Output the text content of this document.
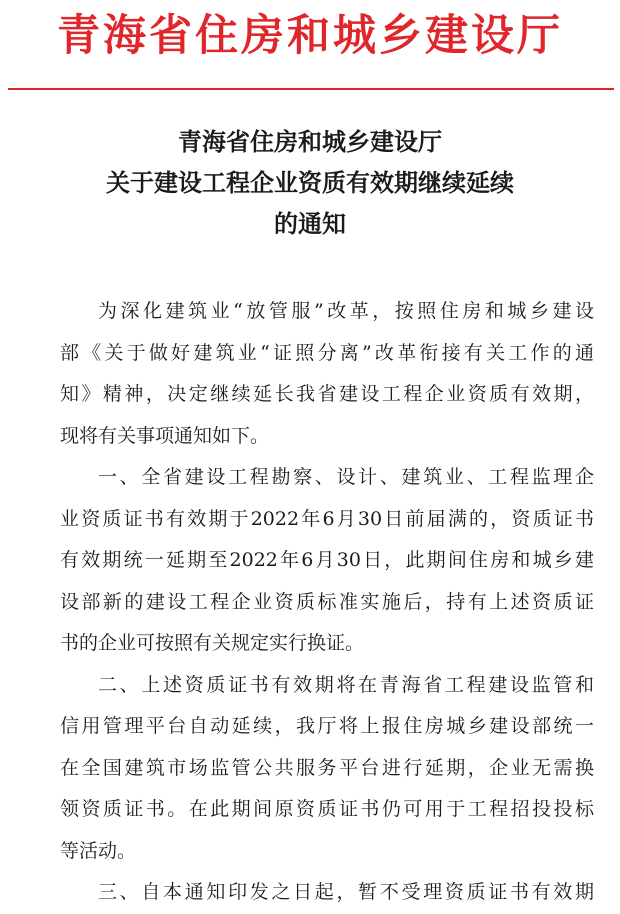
青海省住房和城乡建设厅
青海省住房和城乡建设厅
关于建设工程企业资质有效期继续延续
的通知
为深化建筑业“放管服”改革，按照住房和城乡建设
部《关于做好建筑业“证照分离”改革衔接有关工作的通
知》精神，决定继续延长我省建设工程企业资质有效期，
现将有关事项通知如下。
一、全省建设工程勘察、设计、建筑业、工程监理企
业资质证书有效期于2022年6月30日前届满的，资质证书
有效期统一延期至2022年6月30日，此期间住房和城乡建
设部新的建设工程企业资质标准实施后，持有上述资质证
书的企业可按照有关规定实行换证。
二、上述资质证书有效期将在青海省工程建设监管和
信用管理平台自动延续，我厅将上报住房城乡建设部统一
在全国建筑市场监管公共服务平台进行延期，企业无需换
领资质证书。在此期间原资质证书仍可用于工程招投投标
等活动。
三、自本通知印发之日起，暂不受理资质证书有效期
